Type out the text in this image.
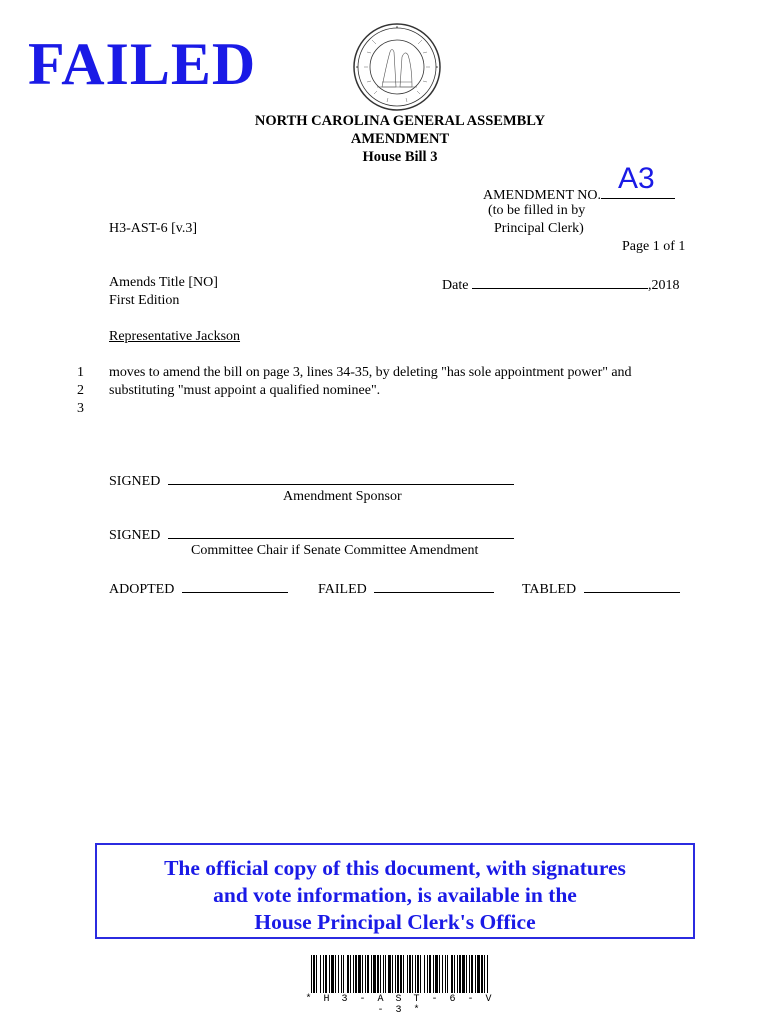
FAILED
NORTH CAROLINA GENERAL ASSEMBLY
AMENDMENT
House Bill 3
AMENDMENT NO.
A3
(to be filled in by
Principal Clerk)
H3-AST-6 [v.3]
Page 1 of 1
Amends Title [NO]
First Edition
Date	,2018
Representative Jackson
1 moves to amend the bill on page 3, lines 34-35, by deleting "has sole appointment power" and
2 substituting "must appoint a qualified nominee".
3
SIGNED
Amendment Sponsor
SIGNED
Committee Chair if Senate Committee Amendment
ADOPTED	FAILED	TABLED
The official copy of this document, with signatures
and vote information, is available in the
House Principal Clerk's Office
* H 3 - A S T - 6 - V - 3 *
